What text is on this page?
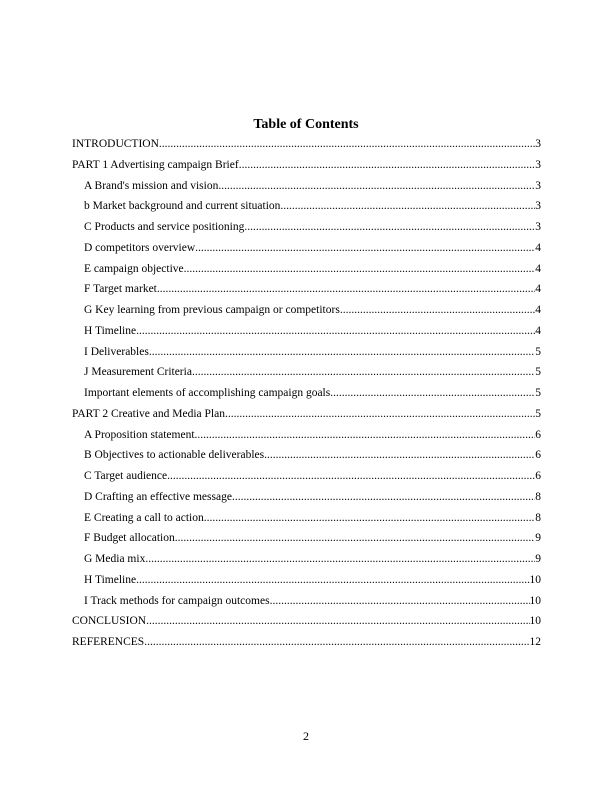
Table of Contents
INTRODUCTION .....	3
PART 1 Advertising campaign Brief .....	3
A Brand's mission and vision .....	3
b Market background and current situation .....	3
C Products and service positioning .....	3
D competitors overview .....	4
E campaign objective .....	4
F Target market .....	4
G Key learning from previous campaign or competitors .....	4
H Timeline .....	4
I Deliverables .....	5
J Measurement Criteria .....	5
Important elements of accomplishing campaign goals .....	5
PART 2 Creative and Media Plan .....	5
A Proposition statement .....	6
B Objectives to actionable deliverables .....	6
C Target audience .....	6
D Crafting an effective message .....	8
E Creating a call to action .....	8
F Budget allocation .....	9
G Media mix .....	9
H Timeline .....	10
I Track methods for campaign outcomes .....	10
CONCLUSION .....	10
REFERENCES .....	12
2
